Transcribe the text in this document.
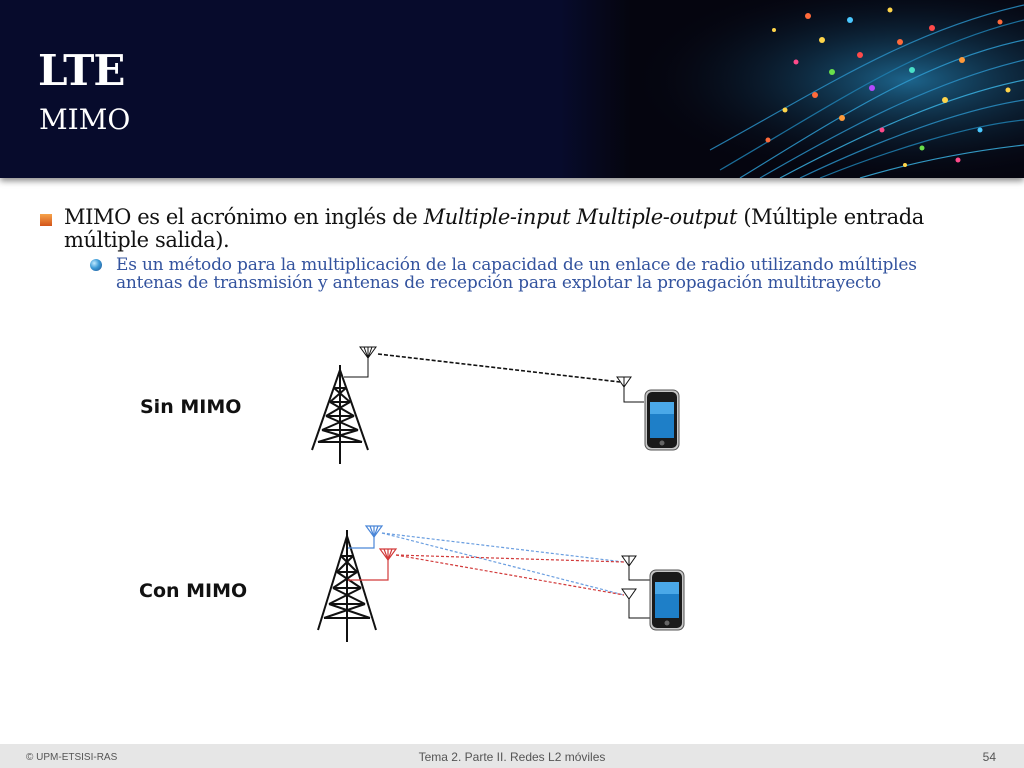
LTE
MIMO
MIMO es el acrónimo en inglés de Multiple-input Multiple-output (Múltiple entrada múltiple salida).
Es un método para la multiplicación de la capacidad de un enlace de radio utilizando múltiples antenas de transmisión y antenas de recepción para explotar la propagación multitrayecto
Sin MIMO
Con MIMO
© UPM-ETSISI-RAS	Tema 2. Parte II. Redes L2 móviles	54
